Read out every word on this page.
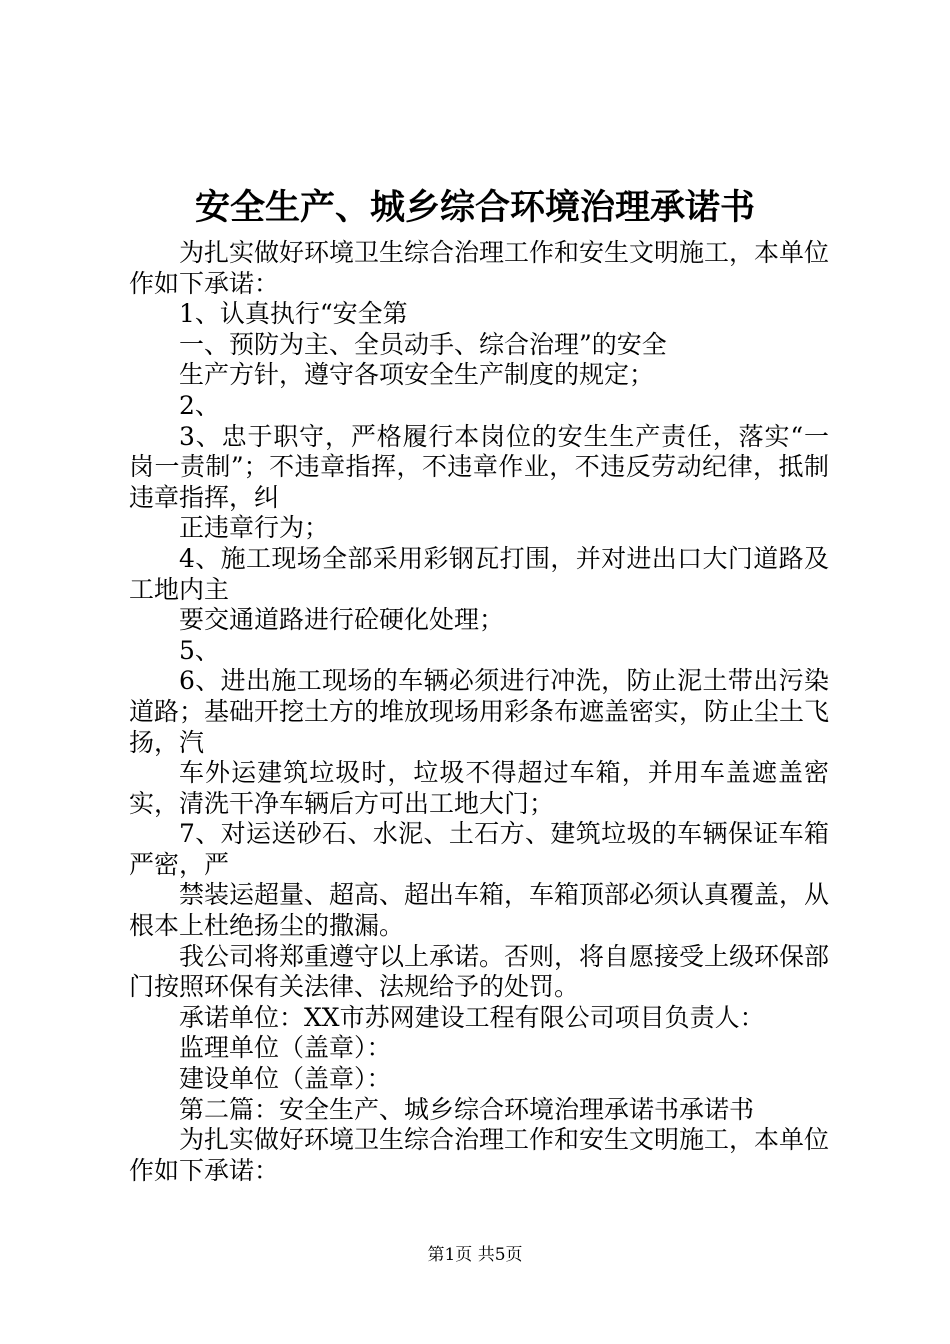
安全生产、城乡综合环境治理承诺书

为扎实做好环境卫生综合治理工作和安生文明施工，本单位作如下承诺：

1、认真执行“安全第

一、预防为主、全员动手、综合治理”的安全

生产方针，遵守各项安全生产制度的规定；

2、

3、忠于职守，严格履行本岗位的安生生产责任，落实“一岗一责制”；不违章指挥，不违章作业，不违反劳动纪律，抵制违章指挥，纠

正违章行为；

4、施工现场全部采用彩钢瓦打围，并对进出口大门道路及工地内主

要交通道路进行砼硬化处理；

5、

6、进出施工现场的车辆必须进行冲洗，防止泥土带出污染道路；基础开挖土方的堆放现场用彩条布遮盖密实，防止尘土飞扬，汽

车外运建筑垃圾时，垃圾不得超过车箱，并用车盖遮盖密实，清洗干净车辆后方可出工地大门；

7、对运送砂石、水泥、土石方、建筑垃圾的车辆保证车箱严密，严

禁装运超量、超高、超出车箱，车箱顶部必须认真覆盖，从根本上杜绝扬尘的撒漏。

我公司将郑重遵守以上承诺。否则，将自愿接受上级环保部门按照环保有关法律、法规给予的处罚。

承诺单位：XX市苏网建设工程有限公司项目负责人：

监理单位（盖章）：

建设单位（盖章）：

第二篇：安全生产、城乡综合环境治理承诺书承诺书

为扎实做好环境卫生综合治理工作和安生文明施工，本单位作如下承诺：

第1页 共5页
